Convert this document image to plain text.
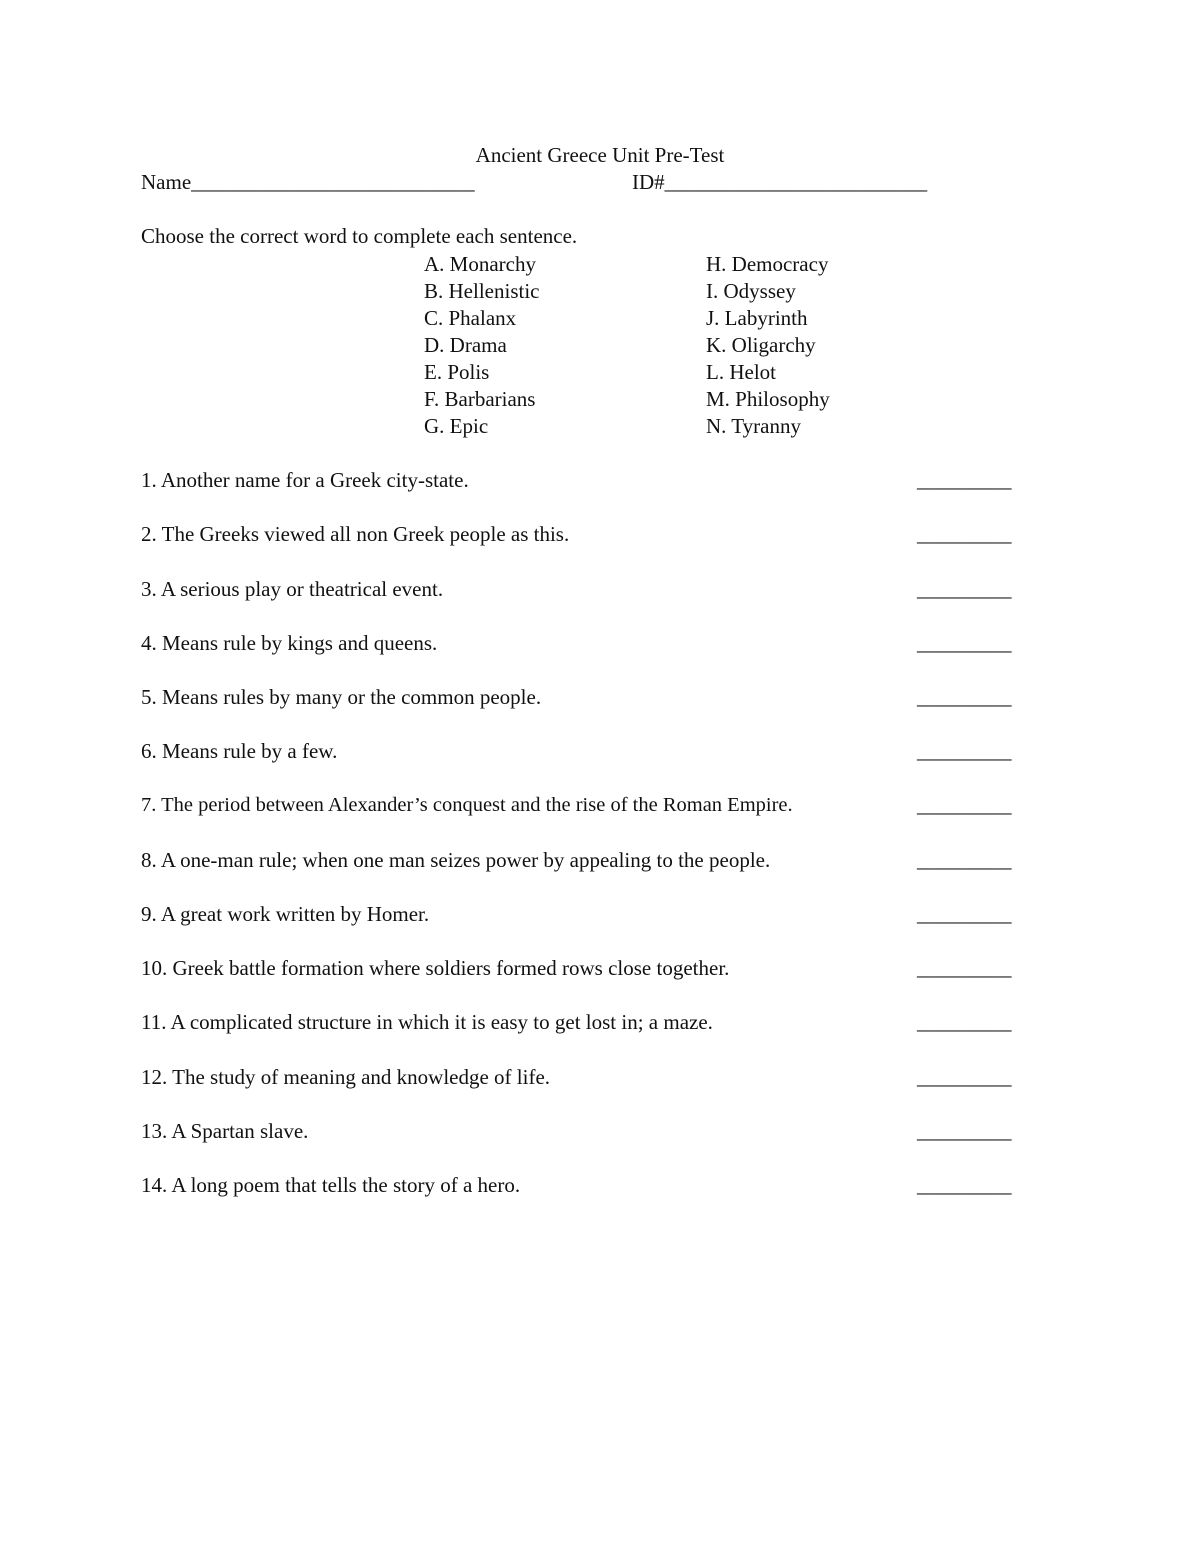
Ancient Greece Unit Pre-Test
Name___________________________	ID#_________________________
Choose the correct word to complete each sentence.
A. Monarchy
B. Hellenistic
C. Phalanx
D. Drama
E. Polis
F. Barbarians
G. Epic
H. Democracy
I. Odyssey
J. Labyrinth
K. Oligarchy
L. Helot
M. Philosophy
N. Tyranny
1. Another name for a Greek city-state.	_________
2. The Greeks viewed all non Greek people as this.	_________
3. A serious play or theatrical event.	_________
4. Means rule by kings and queens.	_________
5. Means rules by many or the common people.	_________
6. Means rule by a few.	_________
7. The period between Alexander’s conquest and the rise of the Roman Empire.	_________
8. A one-man rule; when one man seizes power by appealing to the people.	_________
9. A great work written by Homer.	_________
10. Greek battle formation where soldiers formed rows close together.	_________
11. A complicated structure in which it is easy to get lost in; a maze.	_________
12. The study of meaning and knowledge of life.	_________
13. A Spartan slave.	_________
14. A long poem that tells the story of a hero.	_________
